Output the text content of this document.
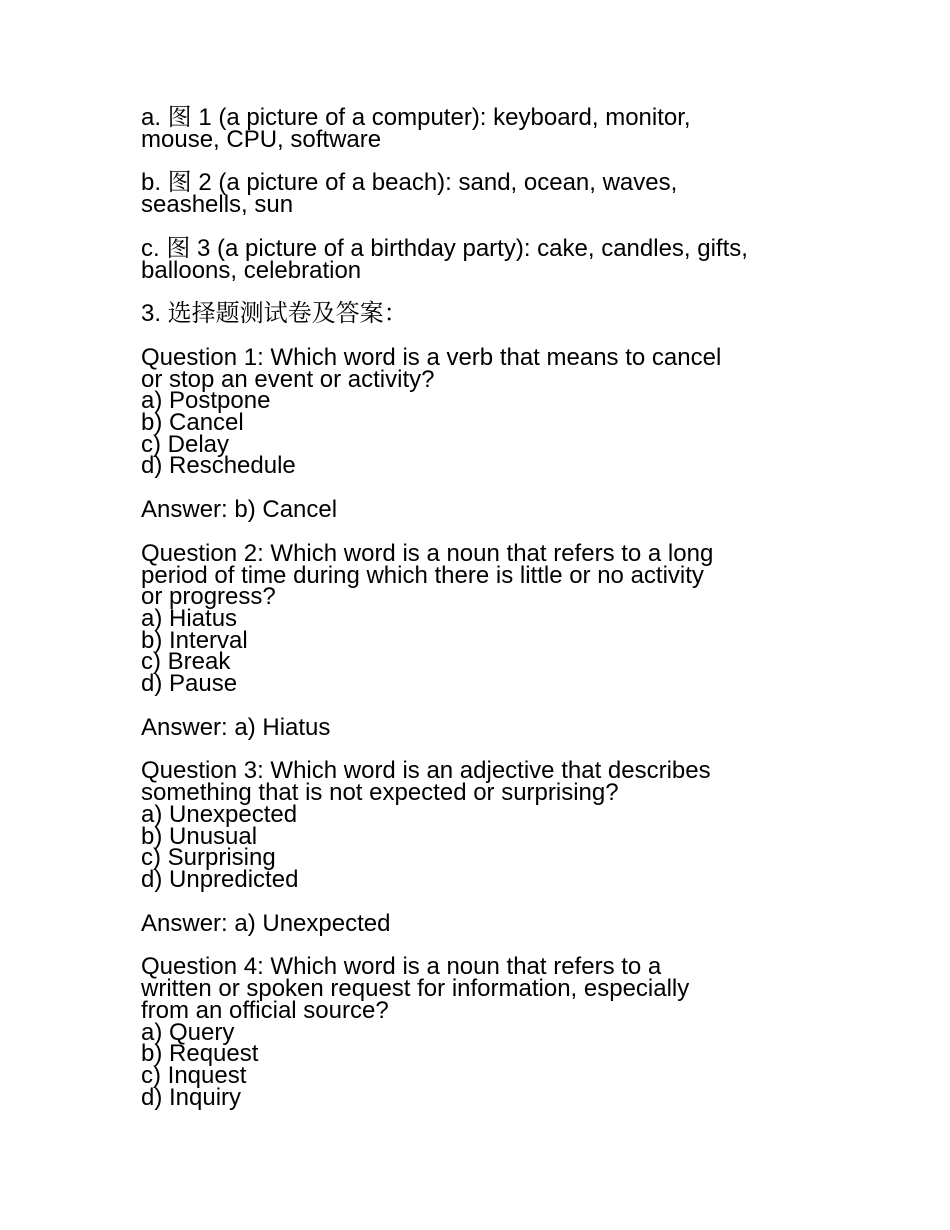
a. 图 1 (a picture of a computer): keyboard, monitor,
mouse, CPU, software
b. 图 2 (a picture of a beach): sand, ocean, waves,
seashells, sun
c. 图 3 (a picture of a birthday party): cake, candles, gifts,
balloons, celebration
3. 选择题测试卷及答案：
Question 1: Which word is a verb that means to cancel
or stop an event or activity?
a) Postpone
b) Cancel
c) Delay
d) Reschedule
Answer: b) Cancel
Question 2: Which word is a noun that refers to a long
period of time during which there is little or no activity
or progress?
a) Hiatus
b) Interval
c) Break
d) Pause
Answer: a) Hiatus
Question 3: Which word is an adjective that describes
something that is not expected or surprising?
a) Unexpected
b) Unusual
c) Surprising
d) Unpredicted
Answer: a) Unexpected
Question 4: Which word is a noun that refers to a
written or spoken request for information, especially
from an official source?
a) Query
b) Request
c) Inquest
d) Inquiry
